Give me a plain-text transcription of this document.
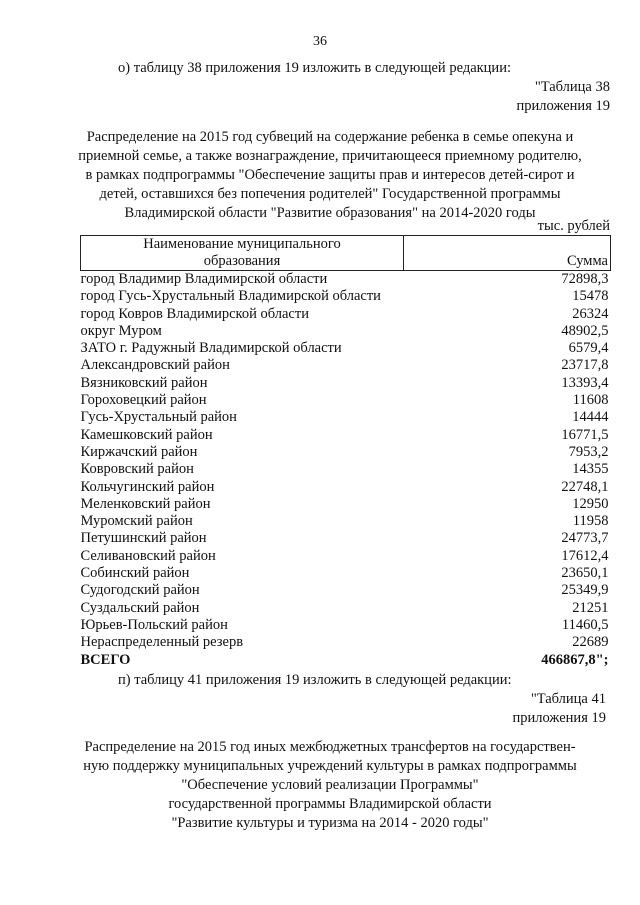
36
о) таблицу 38 приложения 19 изложить в следующей редакции:
"Таблица 38
приложения 19
Распределение на 2015 год субвеций на содержание ребенка в семье опекуна и
приемной семье, а также вознаграждение, причитающееся приемному родителю,
в рамках подпрограммы "Обеспечение защиты прав и интересов детей-сирот и
детей, оставшихся без попечения родителей" Государственной программы
Владимирской области "Развитие образования" на 2014-2020 годы
тыс. рублей
Наименование муниципального
образования	Сумма
город Владимир Владимирской области	72898,3
город Гусь-Хрустальный Владимирской области	15478
город Ковров Владимирской области	26324
округ Муром	48902,5
ЗАТО г. Радужный Владимирской области	6579,4
Александровский район	23717,8
Вязниковский район	13393,4
Гороховецкий район	11608
Гусь-Хрустальный район	14444
Камешковский район	16771,5
Киржачский район	7953,2
Ковровский район	14355
Кольчугинский район	22748,1
Меленковский район	12950
Муромский район	11958
Петушинский район	24773,7
Селивановский район	17612,4
Собинский район	23650,1
Судогодский район	25349,9
Суздальский район	21251
Юрьев-Польский район	11460,5
Нераспределенный резерв	22689
ВСЕГО	466867,8";
п) таблицу 41 приложения 19 изложить в следующей редакции:
"Таблица 41
приложения 19
Распределение на 2015 год иных межбюджетных трансфертов на государствен-
ную поддержку муниципальных учреждений культуры в рамках подпрограммы
"Обеспечение условий реализации Программы"
государственной программы Владимирской области
"Развитие культуры и туризма на 2014 - 2020 годы"
